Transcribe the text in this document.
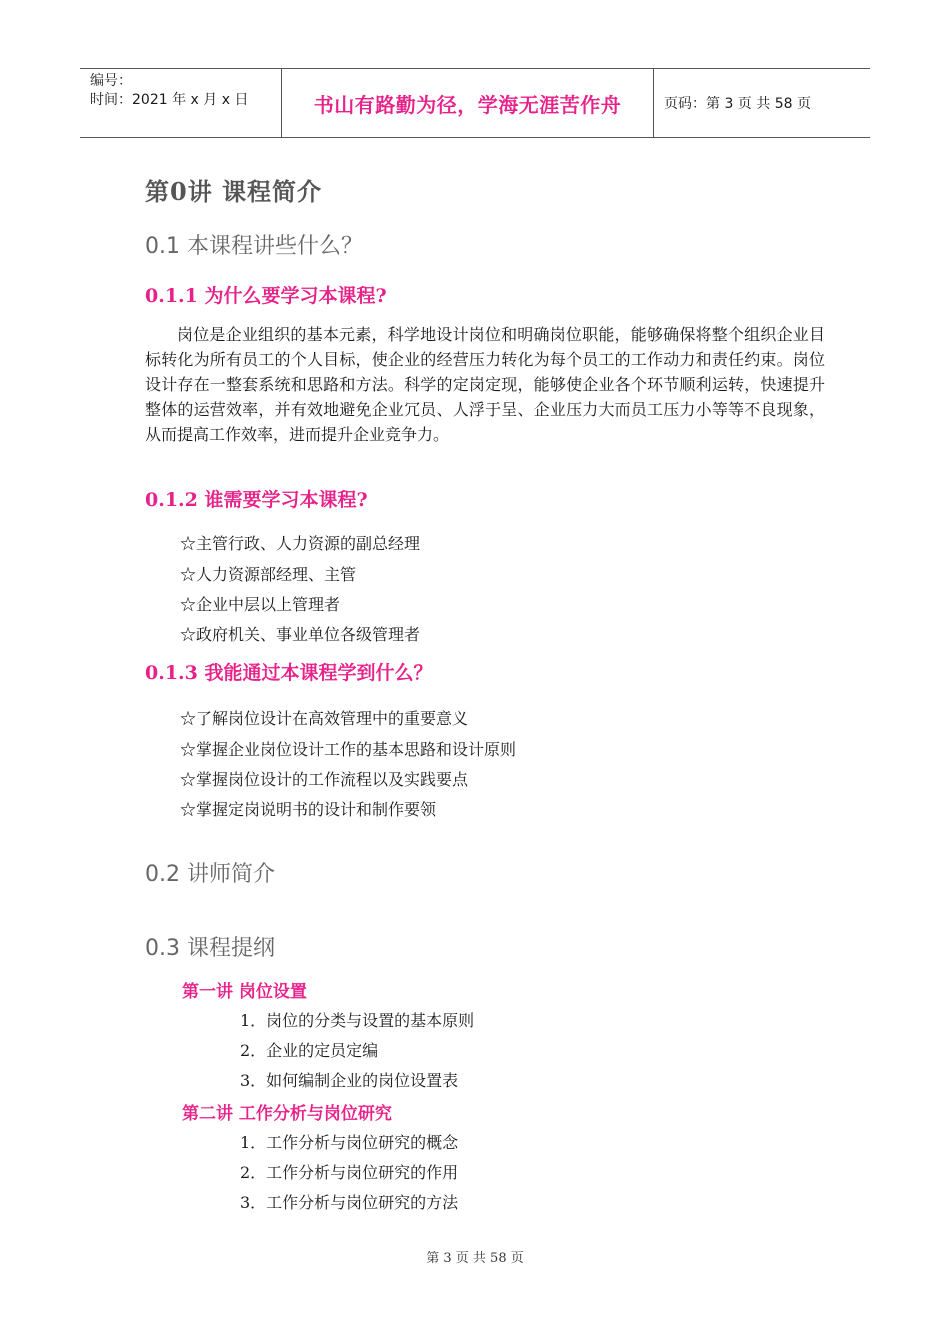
编号：
时间：2021 年 x 月 x 日	书山有路勤为径，学海无涯苦作舟	页码：第 3 页 共 58 页
第0讲 课程简介
0.1 本课程讲些什么？
0.1.1 为什么要学习本课程?

岗位是企业组织的基本元素，科学地设计岗位和明确岗位职能，能够确保将整个组织企业目标转化为所有员工的个人目标，使企业的经营压力转化为每个员工的工作动力和责任约束。岗位设计存在一整套系统和思路和方法。科学的定岗定现，能够使企业各个环节顺利运转，快速提升整体的运营效率，并有效地避免企业冗员、人浮于呈、企业压力大而员工压力小等等不良现象，从而提高工作效率，进而提升企业竞争力。

0.1.2 谁需要学习本课程?
☆主管行政、人力资源的副总经理
☆人力资源部经理、主管
☆企业中层以上管理者
☆政府机关、事业单位各级管理者
0.1.3 我能通过本课程学到什么？
☆了解岗位设计在高效管理中的重要意义
☆掌握企业岗位设计工作的基本思路和设计原则
☆掌握岗位设计的工作流程以及实践要点
☆掌握定岗说明书的设计和制作要领
0.2 讲师简介
0.3 课程提纲
第一讲 岗位设置
1．岗位的分类与设置的基本原则
2．企业的定员定编
3．如何编制企业的岗位设置表
第二讲 工作分析与岗位研究
1．工作分析与岗位研究的概念
2．工作分析与岗位研究的作用
3．工作分析与岗位研究的方法
第 3 页 共 58 页
